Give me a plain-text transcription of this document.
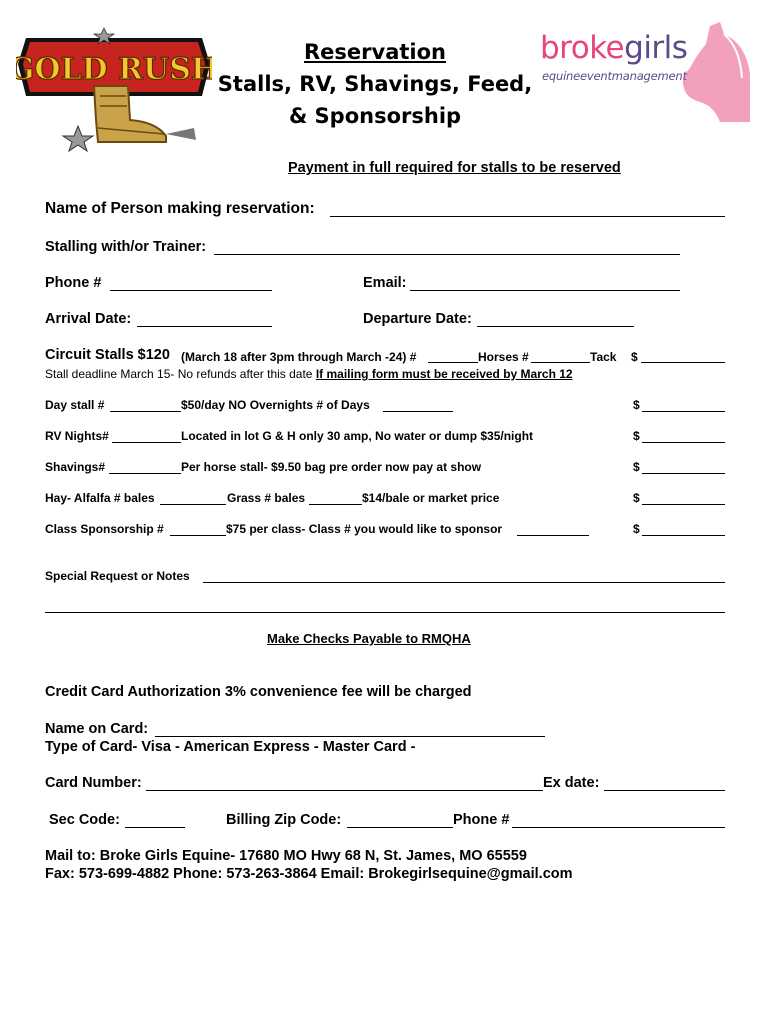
GOLD RUSH	Reservation
Stalls, RV, Shavings, Feed,
& Sponsorship
brokegirls
equineeventmanagement
Payment in full required for stalls to be reserved
Name of Person making reservation:
Stalling with/or Trainer:
Phone #	Email:
Arrival Date:	Departure Date:
Circuit Stalls $120 (March 18 after 3pm through March -24) #	Horses #	Tack $
Stall deadline March 15- No refunds after this date If mailing form must be received by March 12
Day stall #	$50/day NO Overnights # of Days	$
RV Nights#	Located in lot G & H only 30 amp, No water or dump $35/night	$
Shavings#	Per horse stall- $9.50 bag pre order now pay at show	$
Hay- Alfalfa # bales	Grass # bales	$14/bale or market price	$
Class Sponsorship #	$75 per class- Class # you would like to sponsor	$
Special Request or Notes
Make Checks Payable to RMQHA
Credit Card Authorization 3% convenience fee will be charged
Name on Card:
Type of Card- Visa - American Express - Master Card -
Card Number:	Ex date:
Sec Code:	Billing Zip Code:	Phone #
Mail to: Broke Girls Equine- 17680 MO Hwy 68 N, St. James, MO 65559
Fax: 573-699-4882 Phone: 573-263-3864 Email: Brokegirlsequine@gmail.com
